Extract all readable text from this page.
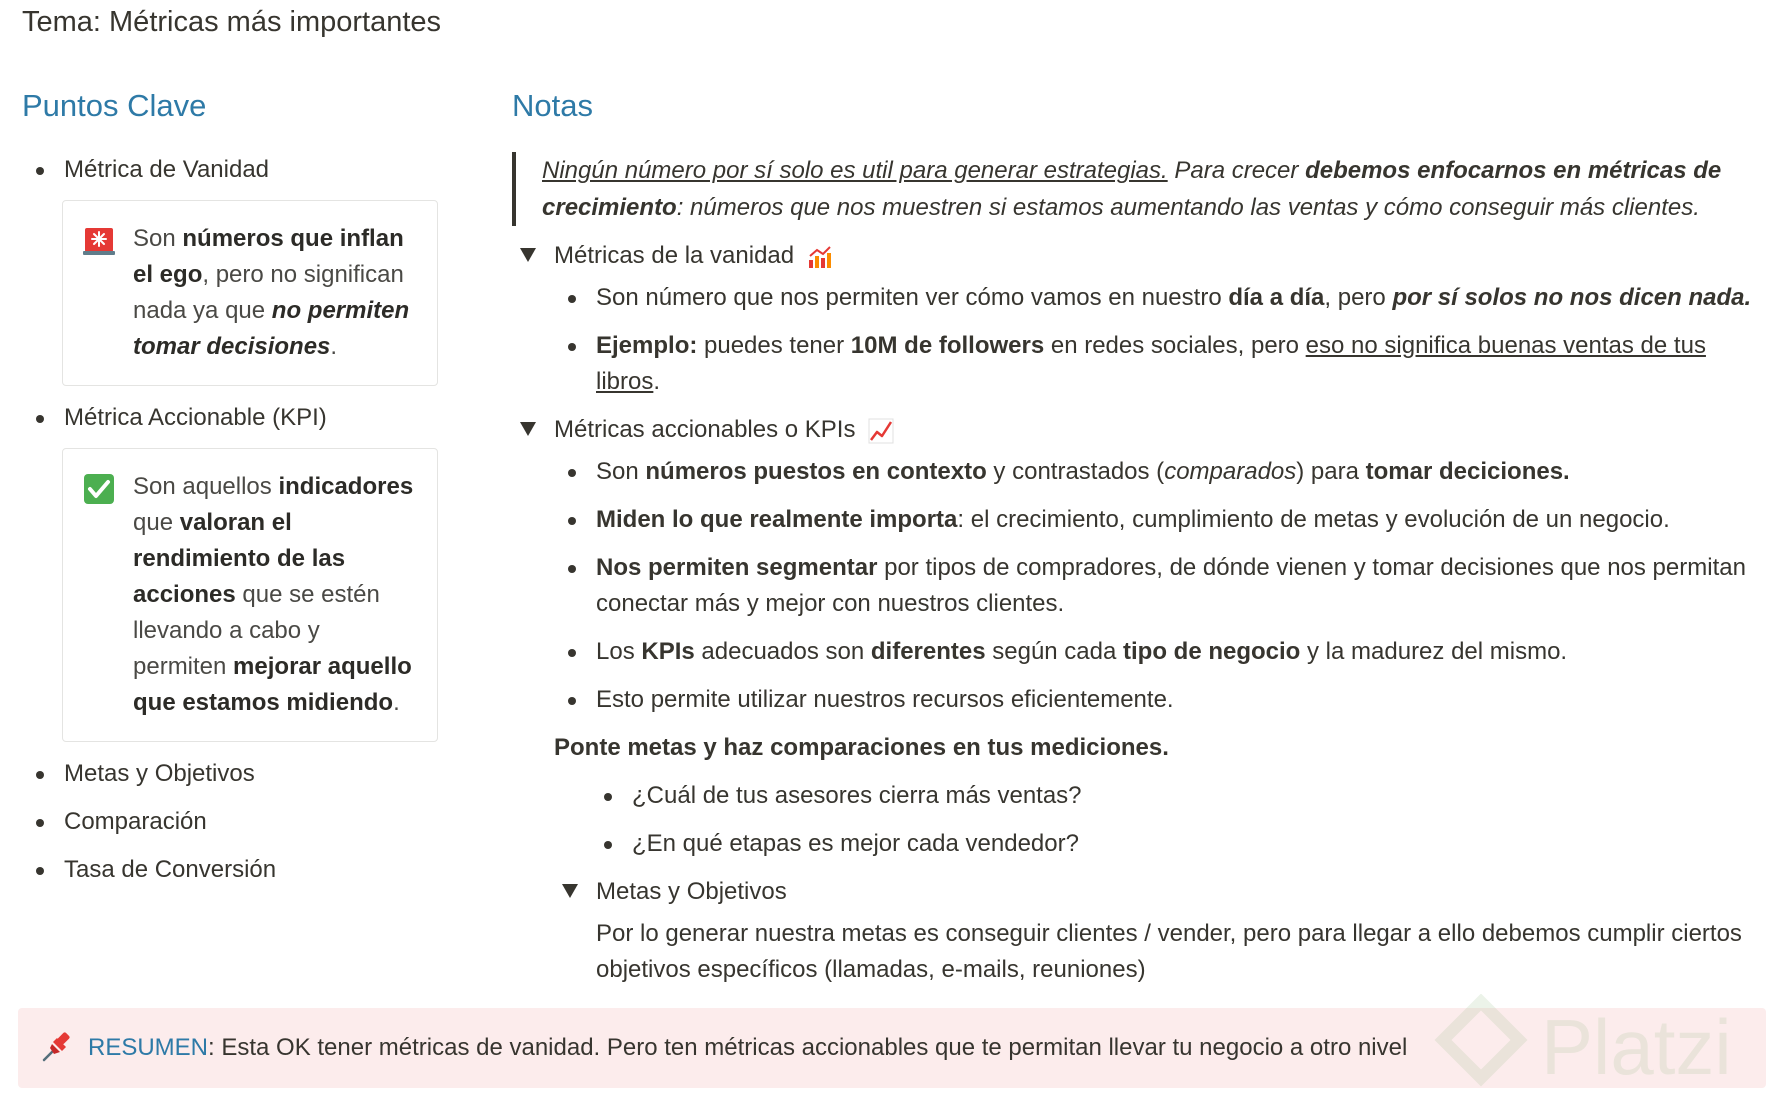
Tema: Métricas más importantes
Puntos Clave
Métrica de Vanidad
Son números que inflan el ego, pero no significan nada ya que no permiten tomar decisiones.
Métrica Accionable (KPI)
Son aquellos indicadores que valoran el rendimiento de las acciones que se estén llevando a cabo y permiten mejorar aquello que estamos midiendo.
Metas y Objetivos
Comparación
Tasa de Conversión
Notas
Ningún número por sí solo es util para generar estrategias. Para crecer debemos enfocarnos en métricas de crecimiento: números que nos muestren si estamos aumentando las ventas y cómo conseguir más clientes.
Métricas de la vanidad
Son número que nos permiten ver cómo vamos en nuestro día a día, pero por sí solos no nos dicen nada.
Ejemplo: puedes tener 10M de followers en redes sociales, pero eso no significa buenas ventas de tus libros.
Métricas accionables o KPIs
Son números puestos en contexto y contrastados (comparados) para tomar deciciones.
Miden lo que realmente importa: el crecimiento, cumplimiento de metas y evolución de un negocio.
Nos permiten segmentar por tipos de compradores, de dónde vienen y tomar decisiones que nos permitan conectar más y mejor con nuestros clientes.
Los KPIs adecuados son diferentes según cada tipo de negocio y la madurez del mismo.
Esto permite utilizar nuestros recursos eficientemente.
Ponte metas y haz comparaciones en tus mediciones.
¿Cuál de tus asesores cierra más ventas?
¿En qué etapas es mejor cada vendedor?
Metas y Objetivos
Por lo generar nuestra metas es conseguir clientes / vender, pero para llegar a ello debemos cumplir ciertos objetivos específicos (llamadas, e-mails, reuniones)
RESUMEN: Esta OK tener métricas de vanidad. Pero ten métricas accionables que te permitan llevar tu negocio a otro nivel Platzi
